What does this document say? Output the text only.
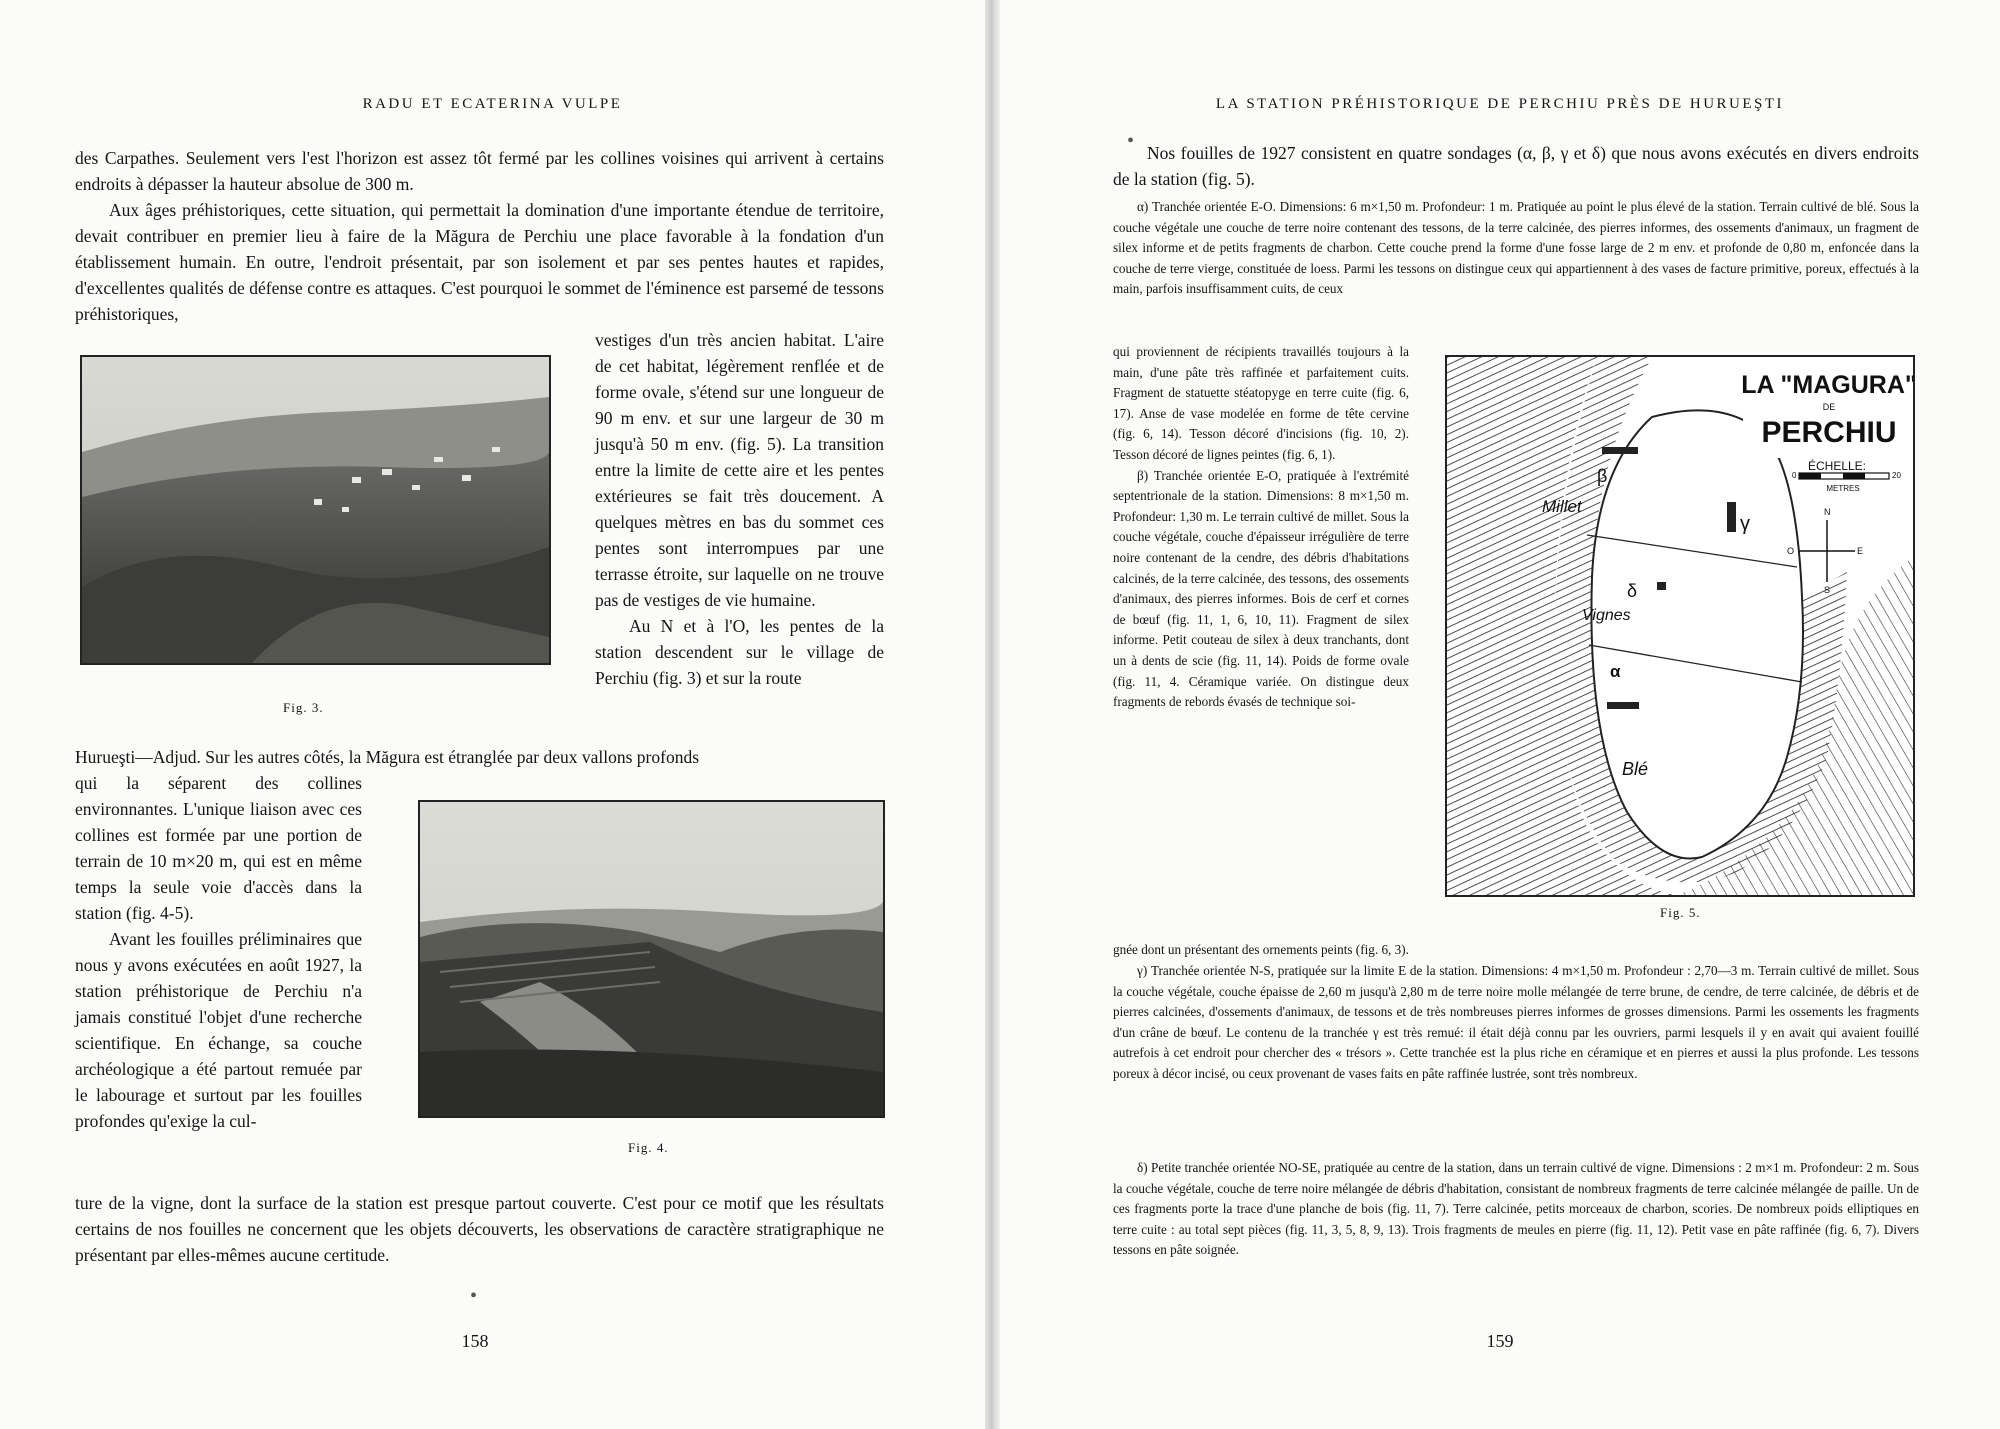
RADU ET ECATERINA VULPE

des Carpathes. Seulement vers l'est l'horizon est assez tôt fermé par les collines voisines qui arrivent à certains endroits à dépasser la hauteur absolue de 300 m.

Aux âges préhistoriques, cette situation, qui permettait la domination d'une importante étendue de territoire, devait contribuer en premier lieu à faire de la Măgura de Perchiu une place favorable à la fondation d'un établissement humain. En outre, l'endroit présentait, par son isolement et par ses pentes hautes et rapides, d'excellentes qualités de défense contre es attaques. C'est pourquoi le sommet de l'éminence est parsemé de tessons préhistoriques,

Fig. 3.

vestiges d'un très ancien habitat. L'aire de cet habitat, légèrement renflée et de forme ovale, s'étend sur une longueur de 90 m env. et sur une largeur de 30 m jusqu'à 50 m env. (fig. 5). La transition entre la limite de cette aire et les pentes extérieures se fait très doucement. A quelques mètres en bas du sommet ces pentes sont interrompues par une terrasse étroite, sur laquelle on ne trouve pas de vestiges de vie humaine.

Au N et à l'O, les pentes de la station descendent sur le village de Perchiu (fig. 3) et sur la route

Hurueşti—Adjud. Sur les autres côtés, la Măgura est étranglée par deux vallons profonds

qui la séparent des collines environnantes. L'unique liaison avec ces collines est formée par une portion de terrain de 10 m×20 m, qui est en même temps la seule voie d'accès dans la station (fig. 4-5).

Avant les fouilles préliminaires que nous y avons exécutées en août 1927, la station préhistorique de Perchiu n'a jamais constitué l'objet d'une recherche scientifique. En échange, sa couche archéologique a été partout remuée par le labourage et surtout par les fouilles profondes qu'exige la cul-

Fig. 4.
ture de la vigne, dont la surface de la station est presque partout couverte. C'est pour ce motif que les résultats certains de nos fouilles ne concernent que les objets découverts, les observations de caractère stratigraphique ne présentant par elles-mêmes aucune certitude.
•
158
LA STATION PRÉHISTORIQUE DE PERCHIU PRÈS DE HURUEŞTI
•

Nos fouilles de 1927 consistent en quatre sondages (α, β, γ et δ) que nous avons exécutés en divers endroits de la station (fig. 5).

α) Tranchée orientée E-O. Dimensions: 6 m×1,50 m. Profondeur: 1 m. Pratiquée au point le plus élevé de la station. Terrain cultivé de blé. Sous la couche végétale une couche de terre noire contenant des tessons, de la terre calcinée, des pierres informes, des ossements d'animaux, un fragment de silex informe et de petits fragments de charbon. Cette couche prend la forme d'une fosse large de 2 m env. et profonde de 0,80 m, enfoncée dans la couche de terre vierge, constituée de loess. Parmi les tessons on distingue ceux qui appartiennent à des vases de facture primitive, poreux, effectués à la main, parfois insuffisamment cuits, de ceux

qui proviennent de récipients travaillés toujours à la main, d'une pâte très raffinée et parfaitement cuits. Fragment de statuette stéatopyge en terre cuite (fig. 6, 17). Anse de vase modelée en forme de tête cervine (fig. 6, 14). Tesson décoré d'incisions (fig. 10, 2). Tesson décoré de lignes peintes (fig. 6, 1).

β) Tranchée orientée E-O, pratiquée à l'extrémité septentrionale de la station. Dimensions: 8 m×1,50 m. Profondeur: 1,30 m. Le terrain cultivé de millet. Sous la couche végétale, couche d'épaisseur irrégulière de terre noire contenant de la cendre, des débris d'habitations calcinés, de la terre calcinée, des tessons, des ossements d'animaux, des pierres informes. Bois de cerf et cornes de bœuf (fig. 11, 1, 6, 10, 11). Fragment de silex informe. Petit couteau de silex à deux tranchants, dont un à dents de scie (fig. 11, 14). Poids de forme ovale (fig. 11, 4. Céramique variée. On distingue deux fragments de rebords évasés de technique soi-

LA "MAGURA"
DE
PERCHIU
ÉCHELLE:
0	20
METRES
N
S
E
O
Millet
Vignes
Blé
β
γ
δ
α
Fig. 5.
gnée dont un présentant des ornements peints (fig. 6, 3).

γ) Tranchée orientée N-S, pratiquée sur la limite E de la station. Dimensions: 4 m×1,50 m. Profondeur : 2,70—3 m. Terrain cultivé de millet. Sous la couche végétale, couche épaisse de 2,60 m jusqu'à 2,80 m de terre noire molle mélangée de terre brune, de cendre, de terre calcinée, de débris et de pierres calcinées, d'ossements d'animaux, de tessons et de très nombreuses pierres informes de grosses dimensions. Parmi les ossements les fragments d'un crâne de bœuf. Le contenu de la tranchée γ est très remué: il était déjà connu par les ouvriers, parmi lesquels il y en avait qui avaient fouillé autrefois à cet endroit pour chercher des « trésors ». Cette tranchée est la plus riche en céramique et en pierres et aussi la plus profonde. Les tessons poreux à décor incisé, ou ceux provenant de vases faits en pâte raffinée lustrée, sont très nombreux.

δ) Petite tranchée orientée NO-SE, pratiquée au centre de la station, dans un terrain cultivé de vigne. Dimensions : 2 m×1 m. Profondeur: 2 m. Sous la couche végétale, couche de terre noire mélangée de débris d'habitation, consistant de nombreux fragments de terre calcinée mélangée de paille. Un de ces fragments porte la trace d'une planche de bois (fig. 11, 7). Terre calcinée, petits morceaux de charbon, scories. De nombreux poids elliptiques en terre cuite : au total sept pièces (fig. 11, 3, 5, 8, 9, 13). Trois fragments de meules en pierre (fig. 11, 12). Petit vase en pâte raffinée (fig. 6, 7). Divers tessons en pâte soignée.

159
